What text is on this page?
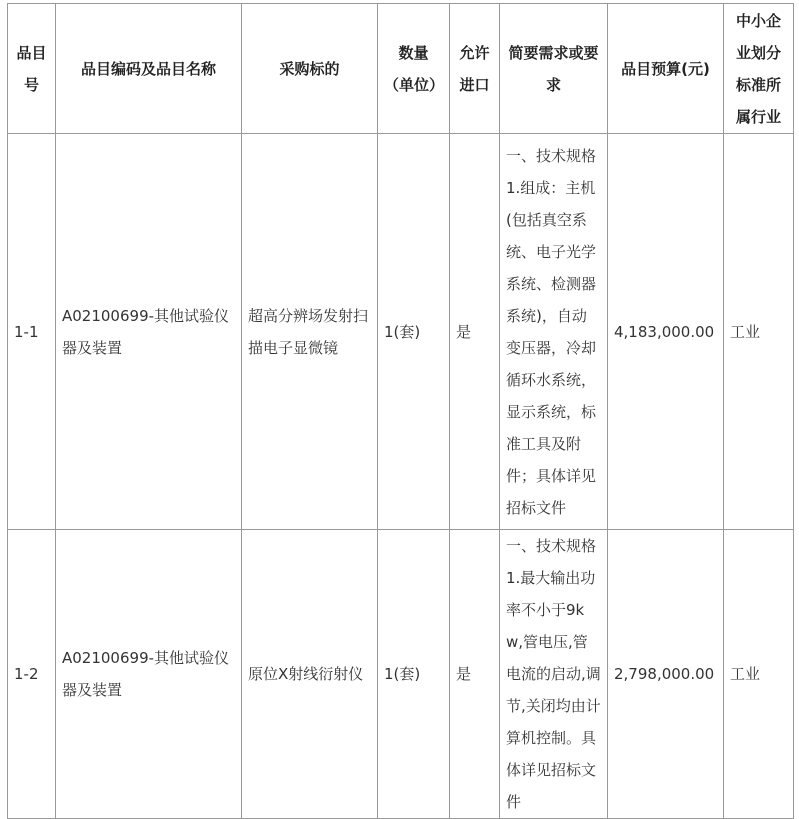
品目号	品目编码及品目名称	采购标的	数量（单位）	允许进口	简要需求或要求	品目预算(元)	中小企业划分标准所属行业
1-1	A02100699-其他试验仪器及装置	超高分辨场发射扫描电子显微镜	1(套)	是	一、技术规格 1.组成：主机(包括真空系统、电子光学系统、检测器系统)，自动变压器，冷却循环水系统，显示系统，标准工具及附件；具体详见招标文件	4,183,000.00	工业
1-2	A02100699-其他试验仪器及装置	原位X射线衍射仪	1(套)	是	一、技术规格 1.最大输出功率不小于9kw,管电压,管电流的启动,调节,关闭均由计算机控制。具体详见招标文件	2,798,000.00	工业
